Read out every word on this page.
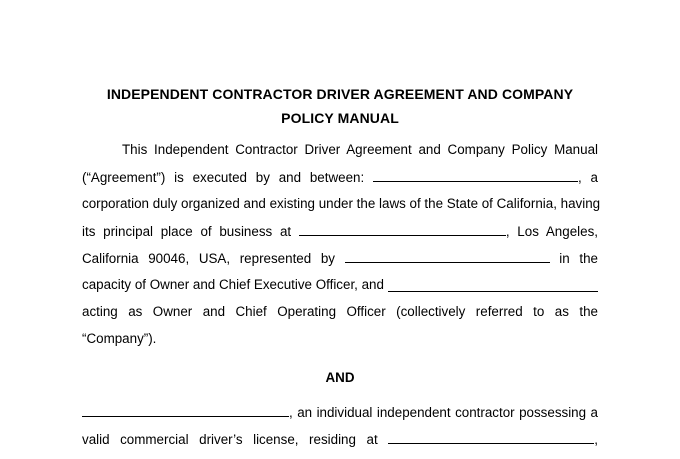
INDEPENDENT CONTRACTOR DRIVER AGREEMENT AND COMPANY
POLICY MANUAL
This Independent Contractor Driver Agreement and Company Policy Manual
(“Agreement”) is executed by and between:	, a
corporation duly organized and existing under the laws of the State of California, having
its principal place of business at	, Los Angeles,
California 90046, USA, represented by	in the
capacity of Owner and Chief Executive Officer, and
acting as Owner and Chief Operating Officer (collectively referred to as the
“Company”).
AND
, an individual independent contractor possessing a
valid commercial driver’s license, residing at	,
